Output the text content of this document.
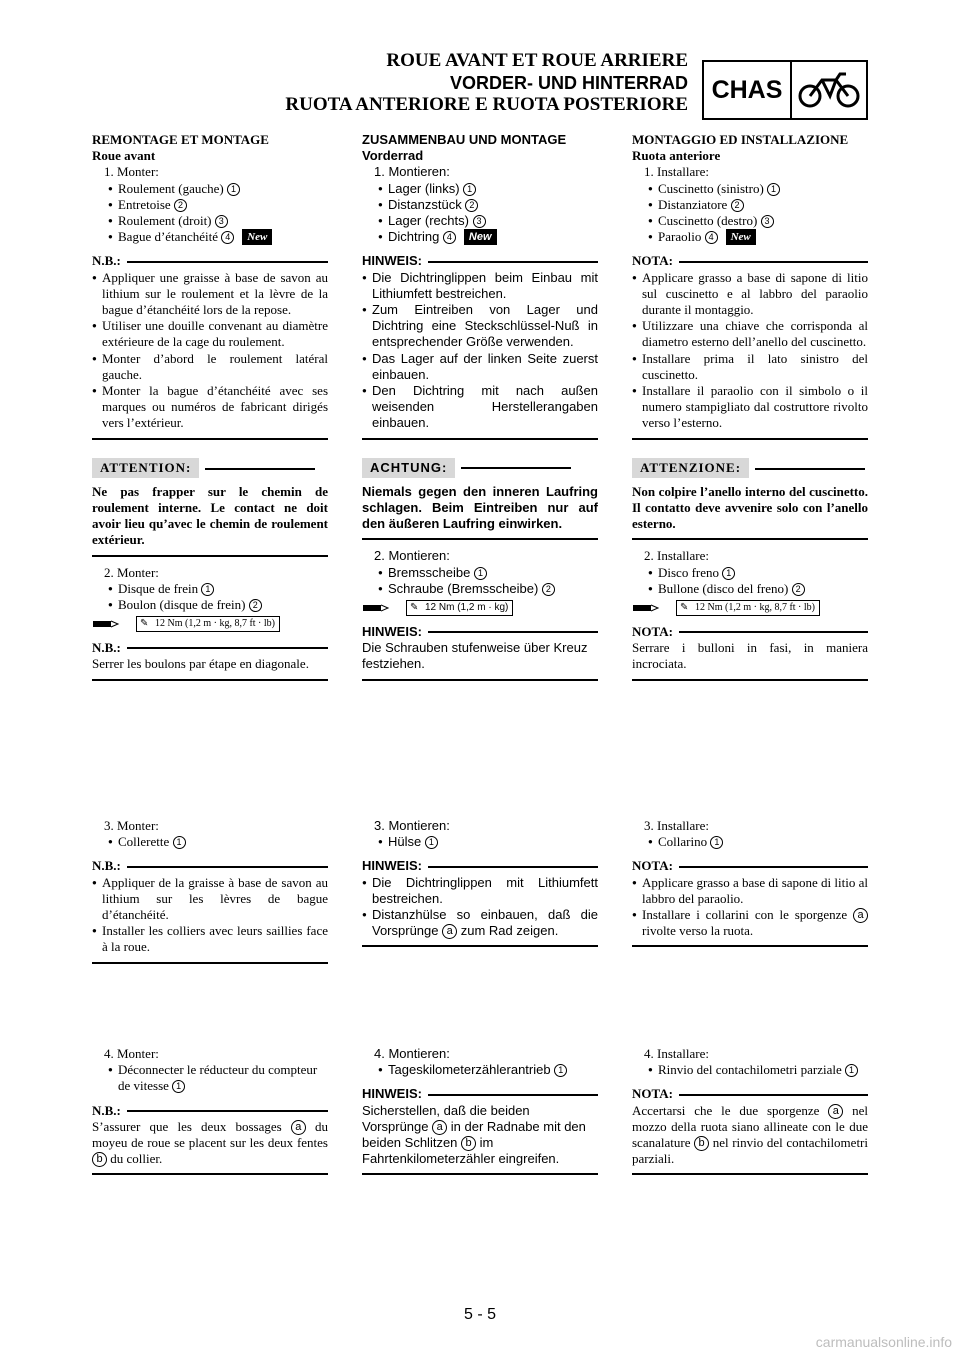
ROUE AVANT ET ROUE ARRIERE
VORDER- UND HINTERRAD
RUOTA ANTERIORE E RUOTA POSTERIORE
CHAS
REMONTAGE ET MONTAGE
Roue avant
1. Monter:
● Roulement (gauche) 1
● Entretoise 2
● Roulement (droit) 3
● Bague d’étanchéité 4 New
N.B.:
● Appliquer une graisse à base de savon au lithium sur le roulement et la lèvre de la bague d’étanchéité lors de la repose.
● Utiliser une douille convenant au diamètre extérieure de la cage du roulement.
● Monter d’abord le roulement latéral gauche.
● Monter la bague d’étanchéité avec ses marques ou numéros de fabricant dirigés vers l’extérieur.
ATTENTION:
Ne pas frapper sur le chemin de roulement interne. Le contact ne doit avoir lieu qu’avec le chemin de roulement extérieur.
2. Monter:
● Disque de frein 1
● Boulon (disque de frein) 2
✎ 12 Nm (1,2 m · kg, 8,7 ft · lb)
N.B.:
Serrer les boulons par étape en diagonale.
3. Monter:
● Collerette 1
N.B.:
● Appliquer de la graisse à base de savon au lithium sur les lèvres de bague d’étanchéité.
● Installer les colliers avec leurs saillies face à la roue.
4. Monter:
● Déconnecter le réducteur du compteur de vitesse 1
N.B.:
S’assurer que les deux bossages a du moyeu de roue se placent sur les deux fentes b du collier.
ZUSAMMENBAU UND MONTAGE
Vorderrad
1. Montieren:
● Lager (links) 1
● Distanzstück 2
● Lager (rechts) 3
● Dichtring 4 New
HINWEIS:
● Die Dichtringlippen beim Einbau mit Lithiumfett bestreichen.
● Zum Eintreiben von Lager und Dichtring eine Steckschlüssel-Nuß in entsprechender Größe verwenden.
● Das Lager auf der linken Seite zuerst einbauen.
● Den Dichtring mit nach außen weisenden Herstellerangaben einbauen.
ACHTUNG:
Niemals gegen den inneren Laufring schlagen. Beim Eintreiben nur auf den äußeren Laufring einwirken.
2. Montieren:
● Bremsscheibe 1
● Schraube (Bremsscheibe) 2
✎ 12 Nm (1,2 m · kg)
HINWEIS:
Die Schrauben stufenweise über Kreuz festziehen.
3. Montieren:
● Hülse 1
HINWEIS:
● Die Dichtringlippen mit Lithiumfett bestreichen.
● Distanzhülse so einbauen, daß die Vorsprünge a zum Rad zeigen.
4. Montieren:
● Tageskilometerzählerantrieb 1
HINWEIS:
Sicherstellen, daß die beiden Vorsprünge a in der Radnabe mit den beiden Schlitzen b im Fahrtenkilometerzähler eingreifen.
MONTAGGIO ED INSTALLAZIONE
Ruota anteriore
1. Installare:
● Cuscinetto (sinistro) 1
● Distanziatore 2
● Cuscinetto (destro) 3
● Paraolio 4 New
NOTA:
● Applicare grasso a base di sapone di litio sul cuscinetto e al labbro del paraolio durante il montaggio.
● Utilizzare una chiave che corrisponda al diametro esterno dell’anello del cuscinetto.
● Installare prima il lato sinistro del cuscinetto.
● Installare il paraolio con il simbolo o il numero stampigliato dal costruttore rivolto verso l’esterno.
ATTENZIONE:
Non colpire l’anello interno del cuscinetto. Il contatto deve avvenire solo con l’anello esterno.
2. Installare:
● Disco freno 1
● Bullone (disco del freno) 2
✎ 12 Nm (1,2 m · kg, 8,7 ft · lb)
NOTA:
Serrare i bulloni in fasi, in maniera incrociata.
3. Installare:
● Collarino 1
NOTA:
● Applicare grasso a base di sapone di litio al labbro del paraolio.
● Installare i collarini con le sporgenze a rivolte verso la ruota.
4. Installare:
● Rinvio del contachilometri parziale 1
NOTA:
Accertarsi che le due sporgenze a nel mozzo della ruota siano allineate con le due scanalature b nel rinvio del contachilometri parziali.
5 - 5
carmanualsonline.info
